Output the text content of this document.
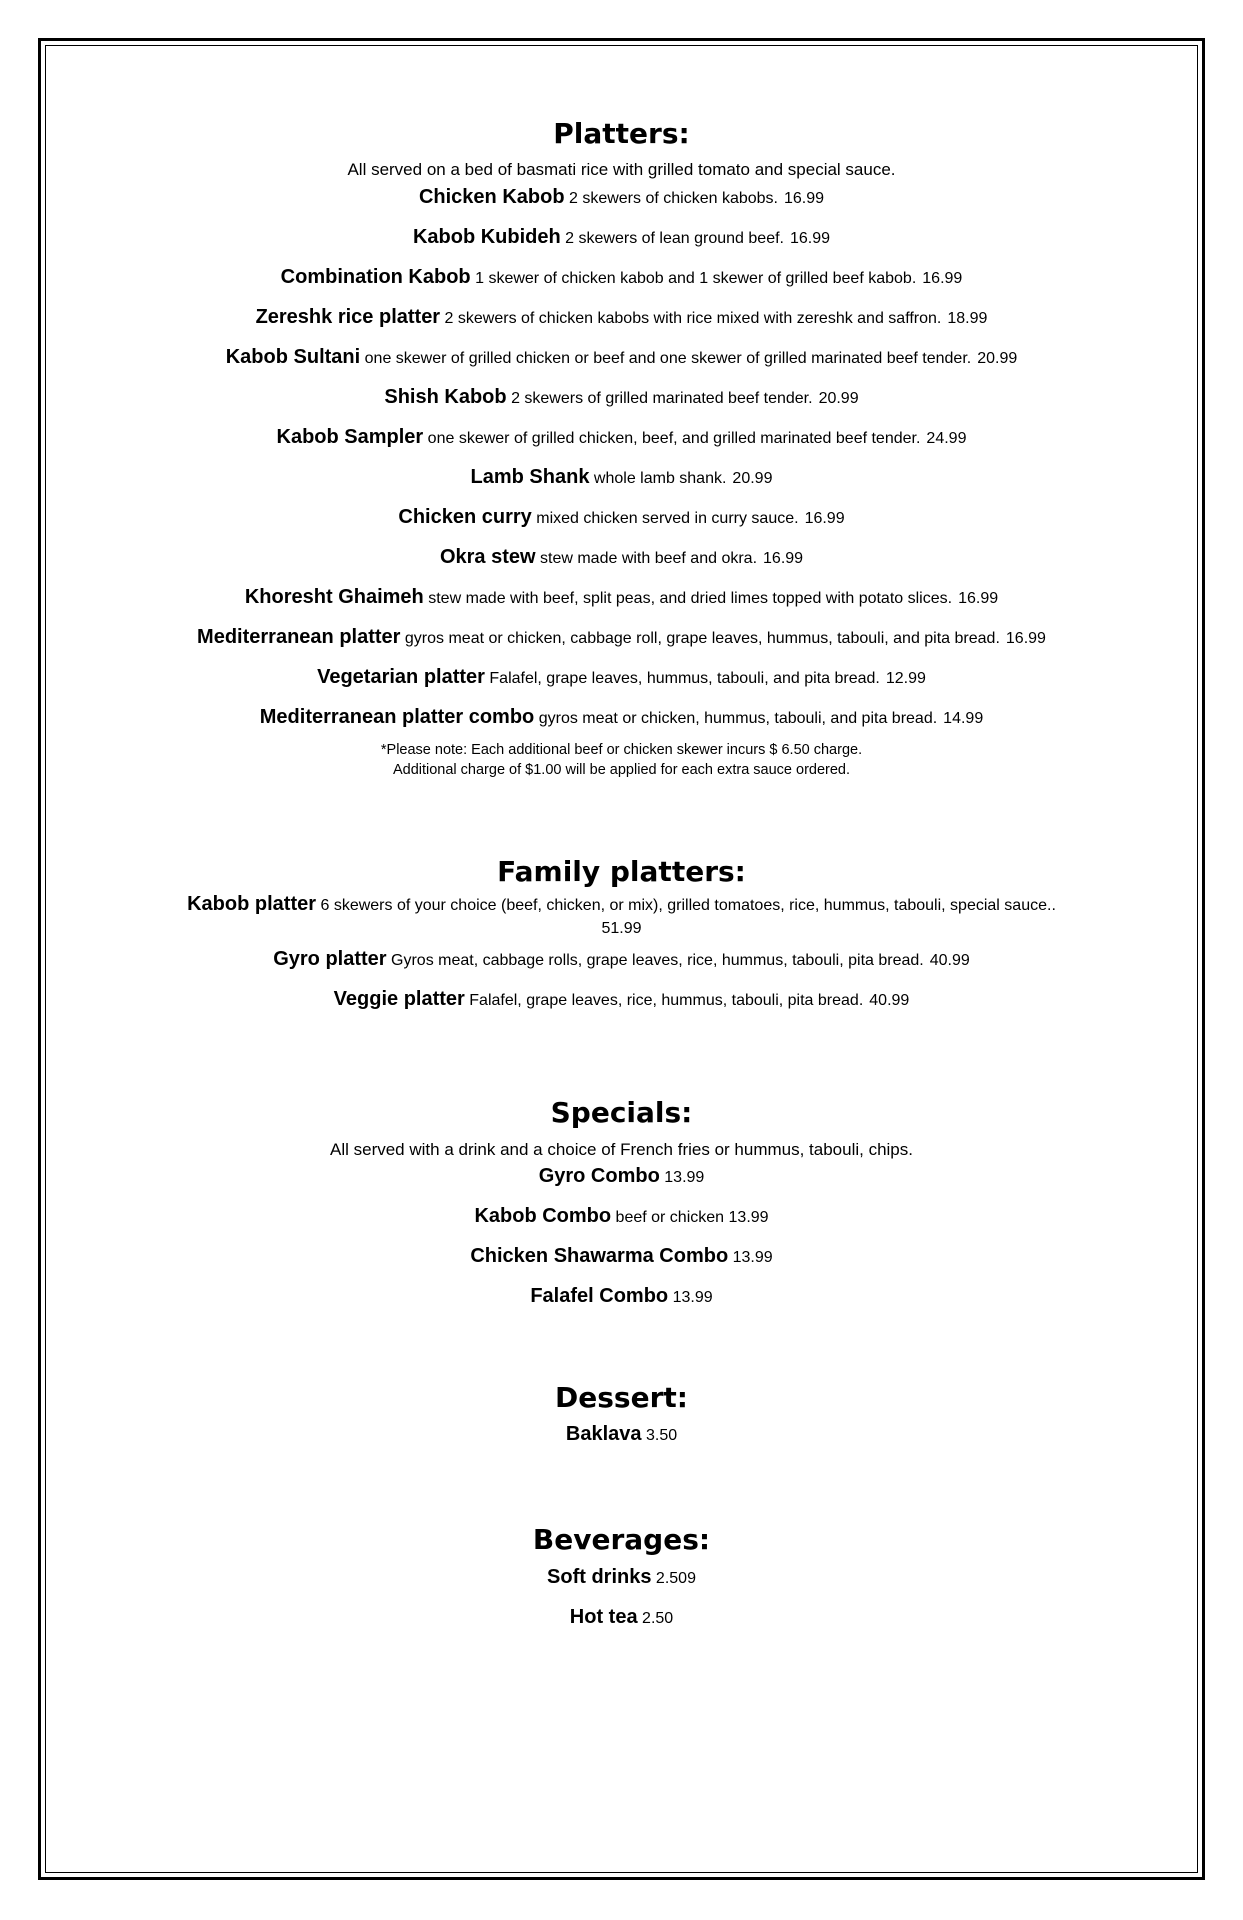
Platters:

All served on a bed of basmati rice with grilled tomato and special sauce.

Chicken Kabob 2 skewers of chicken kabobs. 16.99
Kabob Kubideh 2 skewers of lean ground beef. 16.99
Combination Kabob 1 skewer of chicken kabob and 1 skewer of grilled beef kabob. 16.99
Zereshk rice platter 2 skewers of chicken kabobs with rice mixed with zereshk and saffron. 18.99
Kabob Sultani one skewer of grilled chicken or beef and one skewer of grilled marinated beef tender. 20.99
Shish Kabob 2 skewers of grilled marinated beef tender. 20.99
Kabob Sampler one skewer of grilled chicken, beef, and grilled marinated beef tender. 24.99
Lamb Shank whole lamb shank. 20.99
Chicken curry mixed chicken served in curry sauce. 16.99
Okra stew stew made with beef and okra. 16.99
Khoresht Ghaimeh stew made with beef, split peas, and dried limes topped with potato slices. 16.99
Mediterranean platter gyros meat or chicken, cabbage roll, grape leaves, hummus, tabouli, and pita bread. 16.99
Vegetarian platter Falafel, grape leaves, hummus, tabouli, and pita bread. 12.99
Mediterranean platter combo gyros meat or chicken, hummus, tabouli, and pita bread. 14.99

*Please note: Each additional beef or chicken skewer incurs $ 6.50 charge.

Additional charge of $1.00 will be applied for each extra sauce ordered.

Family platters:

Kabob platter 6 skewers of your choice (beef, chicken, or mix), grilled tomatoes, rice, hummus, tabouli, special sauce..
51.99

Gyro platter Gyros meat, cabbage rolls, grape leaves, rice, hummus, tabouli, pita bread. 40.99
Veggie platter Falafel, grape leaves, rice, hummus, tabouli, pita bread. 40.99
Specials:

All served with a drink and a choice of French fries or hummus, tabouli, chips.

Gyro Combo 13.99
Kabob Combo beef or chicken 13.99
Chicken Shawarma Combo 13.99
Falafel Combo 13.99
Dessert:
Baklava 3.50
Beverages:
Soft drinks 2.509
Hot tea 2.50
